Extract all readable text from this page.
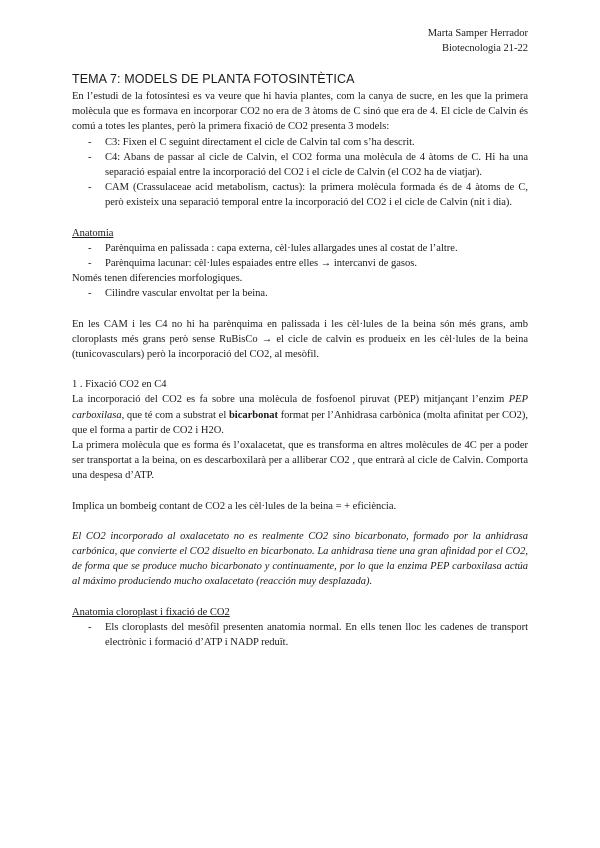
Marta Samper Herrador
Biotecnologia 21-22
TEMA 7: MODELS DE PLANTA FOTOSINTÈTICA

En l’estudi de la fotosíntesi es va veure que hi havia plantes, com la canya de sucre, en les que la primera molècula que es formava en incorporar CO2 no era de 3 àtoms de C sinó que era de 4. El cicle de Calvin és comú a totes les plantes, però la primera fixació de CO2 presenta 3 models:

- C3: Fixen el C seguint directament el cicle de Calvin tal com s’ha descrit.
- C4: Abans de passar al cicle de Calvin, el CO2 forma una molècula de 4 àtoms de C. Hi ha una separació espaial entre la incorporació del CO2 i el cicle de Calvin (el CO2 ha de viatjar).
- CAM (Crassulaceae acid metabolism, cactus): la primera molècula formada és de 4 àtoms de C, però existeix una separació temporal entre la incorporació del CO2 i el cicle de Calvin (nit i dia).

Anatomia

- Parènquima en palissada : capa externa, cèl·lules allargades unes al costat de l’altre.
- Parènquima lacunar: cèl·lules espaiades entre elles → intercanvi de gasos.

Només tenen diferencies morfologiques.

- Cilindre vascular envoltat per la beina.

En les CAM i les C4 no hi ha parènquima en palissada i les cèl·lules de la beina són més grans, amb cloroplasts més grans però sense RuBisCo → el cicle de calvin es produeix en les cèl·lules de la beina (tunicovasculars) però la incorporació del CO2, al mesòfil.

1 . Fixació CO2 en C4

La incorporació del CO2 es fa sobre una molècula de fosfoenol piruvat (PEP) mitjançant l’enzim PEP carboxilasa, que té com a substrat el bicarbonat format per l’Anhidrasa carbònica (molta afinitat per CO2), que el forma a partir de CO2 i H2O.

La primera molècula que es forma és l’oxalacetat, que es transforma en altres molècules de 4C per a poder ser transportat a la beina, on es descarboxilarà per a alliberar CO2 , que entrarà al cicle de Calvin. Comporta una despesa d’ATP.

Implica un bombeig contant de CO2 a les cèl·lules de la beina = + eficiència.

El CO2 incorporado al oxalacetato no es realmente CO2 sino bicarbonato, formado por la anhidrasa carbónica, que convierte el CO2 disuelto en bicarbonato. La anhidrasa tiene una gran afinidad por el CO2, de forma que se produce mucho bicarbonato y continuamente, por lo que la enzima PEP carboxilasa actúa al máximo produciendo mucho oxalacetato (reacción muy desplazada).

Anatomia cloroplast i fixació de CO2

- Els cloroplasts del mesòfil presenten anatomia normal. En ells tenen lloc les cadenes de transport electrònic i formació d’ATP i NADP reduït.
